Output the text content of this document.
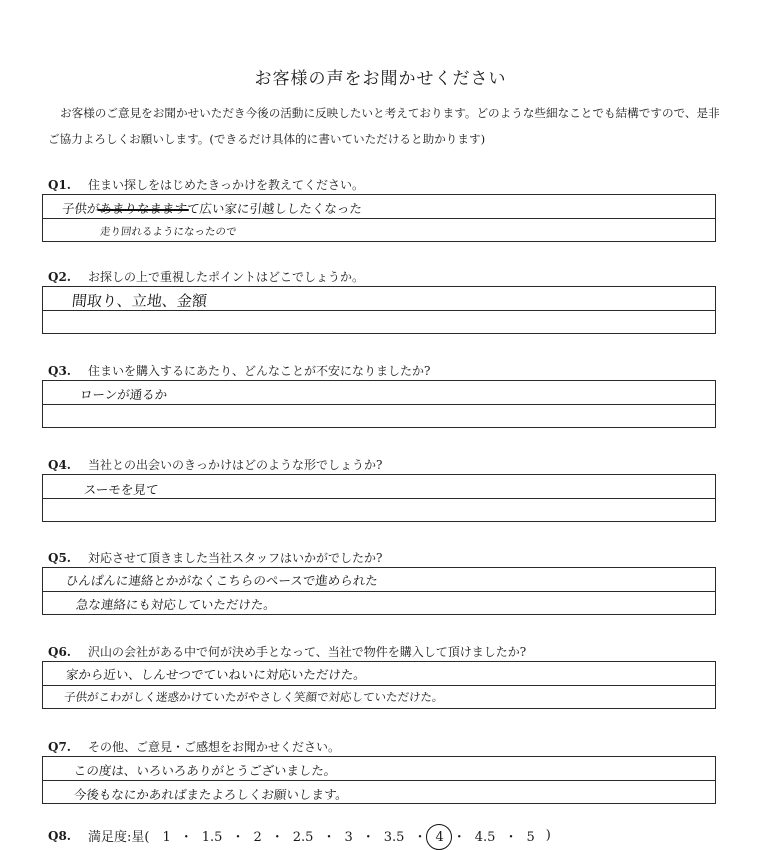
お客様の声をお聞かせください
お客様のご意見をお聞かせいただき今後の活動に反映したいと考えております。どのような些細なことでも結構ですので、是非ご協力よろしくお願いします。(できるだけ具体的に書いていただけると助かります)
Q1. 住まい探しをはじめたきっかけを教えてください。
子供があまりなまますて広い家に引越ししたくなった
走り回れるようになったので
Q2. お探しの上で重視したポイントはどこでしょうか。
間取り、立地、金額
Q3. 住まいを購入するにあたり、どんなことが不安になりましたか?
ローンが通るか
Q4. 当社との出会いのきっかけはどのような形でしょうか?
スーモを見て
Q5. 対応させて頂きました当社スタッフはいかがでしたか?
ひんぱんに連絡とかがなくこちらのペースで進められた
急な連絡にも対応していただけた。
Q6. 沢山の会社がある中で何が決め手となって、当社で物件を購入して頂けましたか?
家から近い、しんせつでていねいに対応いただけた。
子供がこわがしく迷惑かけていたがやさしく笑顔で対応していただけた。
Q7. その他、ご意見・ご感想をお聞かせください。
この度は、いろいろありがとうございました。
今後もなにかあればまたよろしくお願いします。
Q8.	満足度:星(	1 ・ 1.5 ・ 2 ・ 2.5 ・ 3 ・ 3.5 ・ 4 ・ 4.5 ・ 5 )
